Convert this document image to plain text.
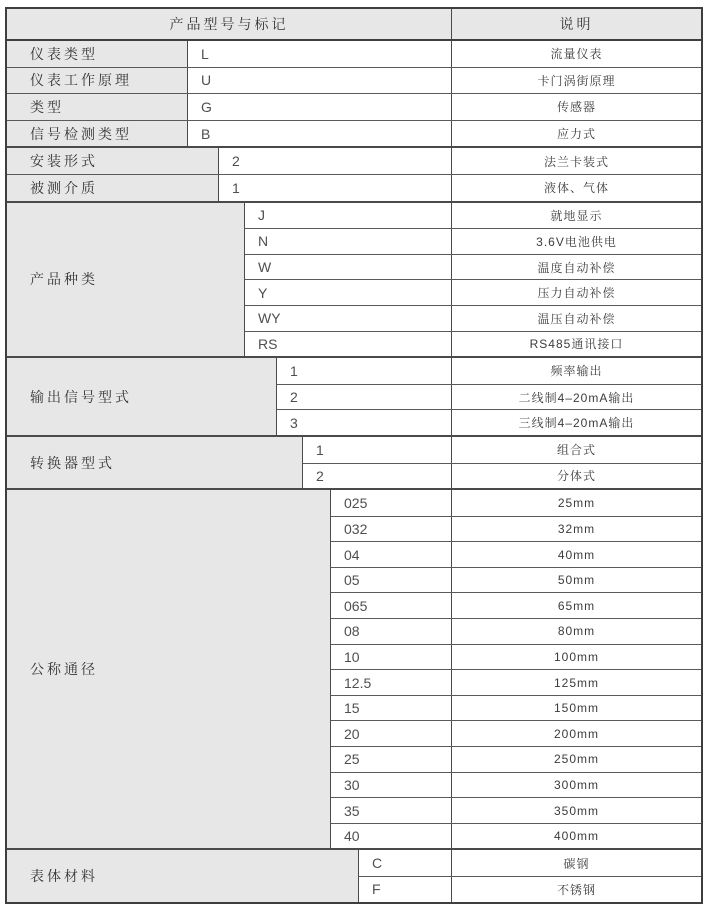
产品型号与标记	说明
仪表类型	L	流量仪表
仪表工作原理	U	卡门涡街原理
类型	G	传感器
信号检测类型	B	应力式
安装形式	2	法兰卡装式
被测介质	1	液体、气体
产品种类
J	就地显示
N	3.6V电池供电
W	温度自动补偿
Y	压力自动补偿
WY	温压自动补偿
RS	RS485通讯接口
输出信号型式
1	频率输出
2	二线制4–20mA输出
3	三线制4–20mA输出
转换器型式
1	组合式
2	分体式
公称通径
025	25mm
032	32mm
04	40mm
05	50mm
065	65mm
08	80mm
10	100mm
12.5	125mm
15	150mm
20	200mm
25	250mm
30	300mm
35	350mm
40	400mm
表体材料
C	碳钢
F	不锈钢
